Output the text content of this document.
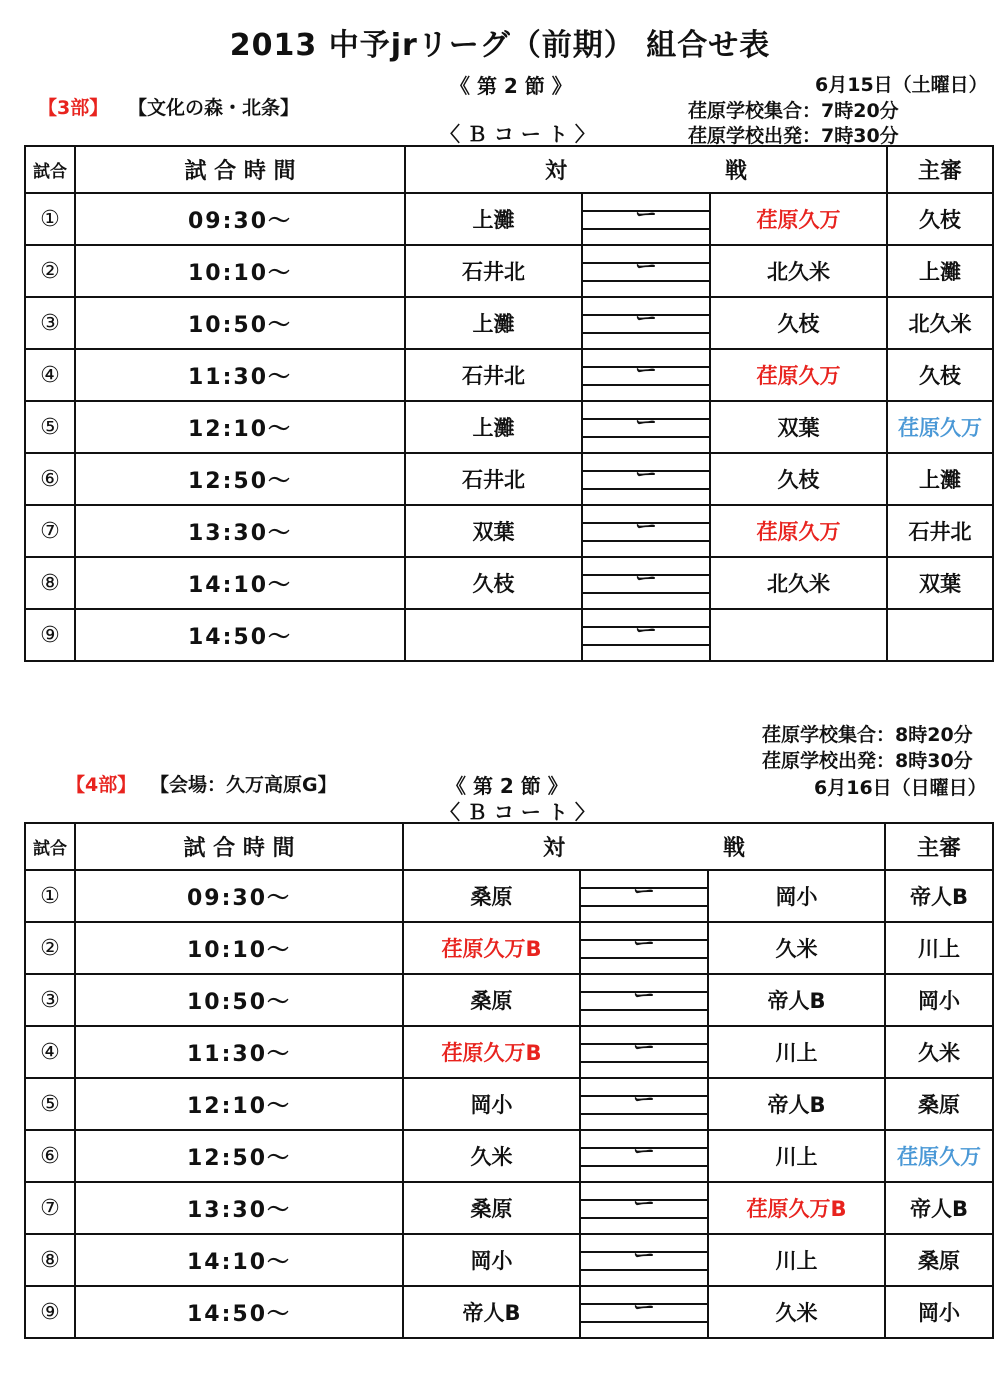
2013 中予jrリーグ（前期） 組合せ表
《 第 2 節 》	6月15日（土曜日）
【3部】 【文化の森・北条】	荏原学校集合：7時20分
荏原学校出発：7時30分
〈 Ｂ コ ー ト 〉
試合	試 合 時 間	対 戦			主審
①	09:30〜	上灘	ー	荏原久万	久枝
②	10:10〜	石井北	ー	北久米	上灘
③	10:50〜	上灘	ー	久枝	北久米
④	11:30〜	石井北	ー	荏原久万	久枝
⑤	12:10〜	上灘	ー	双葉	荏原久万
⑥	12:50〜	石井北	ー	久枝	上灘
⑦	13:30〜	双葉	ー	荏原久万	石井北
⑧	14:10〜	久枝	ー	北久米	双葉
⑨	14:50〜		ー		

荏原学校集合：8時20分
荏原学校出発：8時30分
【4部】 【会場：久万高原G】	《 第 2 節 》	6月16日（日曜日）
〈 Ｂ コ ー ト 〉
試合	試 合 時 間	対 戦			主審
①	09:30〜	桑原	ー	岡小	帝人B
②	10:10〜	荏原久万B	ー	久米	川上
③	10:50〜	桑原	ー	帝人B	岡小
④	11:30〜	荏原久万B	ー	川上	久米
⑤	12:10〜	岡小	ー	帝人B	桑原
⑥	12:50〜	久米	ー	川上	荏原久万
⑦	13:30〜	桑原	ー	荏原久万B	帝人B
⑧	14:10〜	岡小	ー	川上	桑原
⑨	14:50〜	帝人B	ー	久米	岡小
